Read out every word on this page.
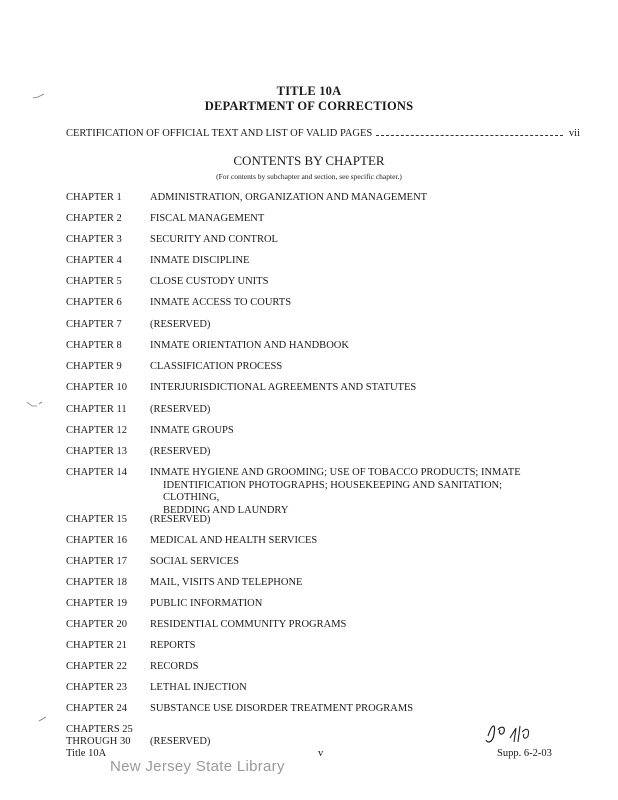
TITLE 10A
DEPARTMENT OF CORRECTIONS
CERTIFICATION OF OFFICIAL TEXT AND LIST OF VALID PAGES	vii
CONTENTS BY CHAPTER
(For contents by subchapter and section, see specific chapter.)
CHAPTER 1	ADMINISTRATION, ORGANIZATION AND MANAGEMENT
CHAPTER 2	FISCAL MANAGEMENT
CHAPTER 3	SECURITY AND CONTROL
CHAPTER 4	INMATE DISCIPLINE
CHAPTER 5	CLOSE CUSTODY UNITS
CHAPTER 6	INMATE ACCESS TO COURTS
CHAPTER 7	(RESERVED)
CHAPTER 8	INMATE ORIENTATION AND HANDBOOK
CHAPTER 9	CLASSIFICATION PROCESS
CHAPTER 10	INTERJURISDICTIONAL AGREEMENTS AND STATUTES
CHAPTER 11	(RESERVED)
CHAPTER 12	INMATE GROUPS
CHAPTER 13	(RESERVED)
CHAPTER 14	INMATE HYGIENE AND GROOMING; USE OF TOBACCO PRODUCTS; INMATE
IDENTIFICATION PHOTOGRAPHS; HOUSEKEEPING AND SANITATION; CLOTHING,
BEDDING AND LAUNDRY
CHAPTER 15	(RESERVED)
CHAPTER 16	MEDICAL AND HEALTH SERVICES
CHAPTER 17	SOCIAL SERVICES
CHAPTER 18	MAIL, VISITS AND TELEPHONE
CHAPTER 19	PUBLIC INFORMATION
CHAPTER 20	RESIDENTIAL COMMUNITY PROGRAMS
CHAPTER 21	REPORTS
CHAPTER 22	RECORDS
CHAPTER 23	LETHAL INJECTION
CHAPTER 24	SUBSTANCE USE DISORDER TREATMENT PROGRAMS
CHAPTERS 25
THROUGH 30	(RESERVED)
Title 10A	v	Supp. 6-2-03
New Jersey State Library
